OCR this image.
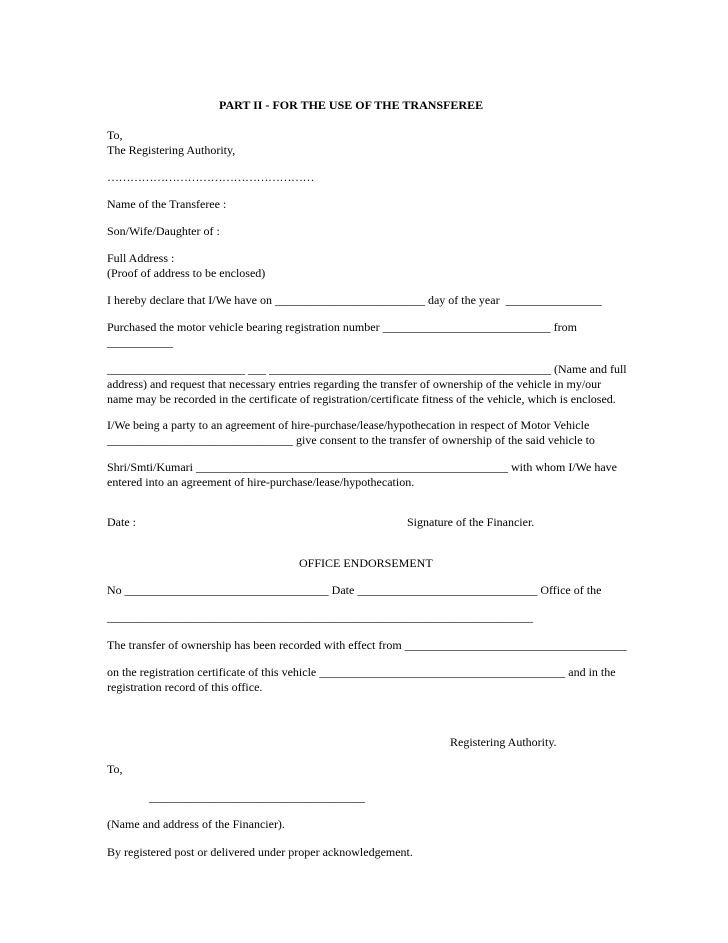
PART II - FOR THE USE OF THE TRANSFEREE
To,
The Registering Authority,
………………………………………………
Name of the Transferee :
Son/Wife/Daughter of :
Full Address :
(Proof of address to be enclosed)
I hereby declare that I/We have on _________________________ day of the year  ________________
Purchased the motor vehicle bearing registration number ____________________________ from
___________
_______________________ ___ _______________________________________________ (Name and full
address) and request that necessary entries regarding the transfer of ownership of the vehicle in my/our
name may be recorded in the certificate of registration/certificate fitness of the vehicle, which is enclosed.
I/We being a party to an agreement of hire-purchase/lease/hypothecation in respect of Motor Vehicle
_______________________________ give consent to the transfer of ownership of the said vehicle to
Shri/Smti/Kumari ____________________________________________________ with whom I/We have
entered into an agreement of hire-purchase/lease/hypothecation.
Date :	Signature of the Financier.
OFFICE ENDORSEMENT
No __________________________________ Date ______________________________ Office of the
_______________________________________________________________________
The transfer of ownership has been recorded with effect from _____________________________________
on the registration certificate of this vehicle _________________________________________ and in the
registration record of this office.
Registering Authority.
To,
____________________________________
(Name and address of the Financier).
By registered post or delivered under proper acknowledgement.
